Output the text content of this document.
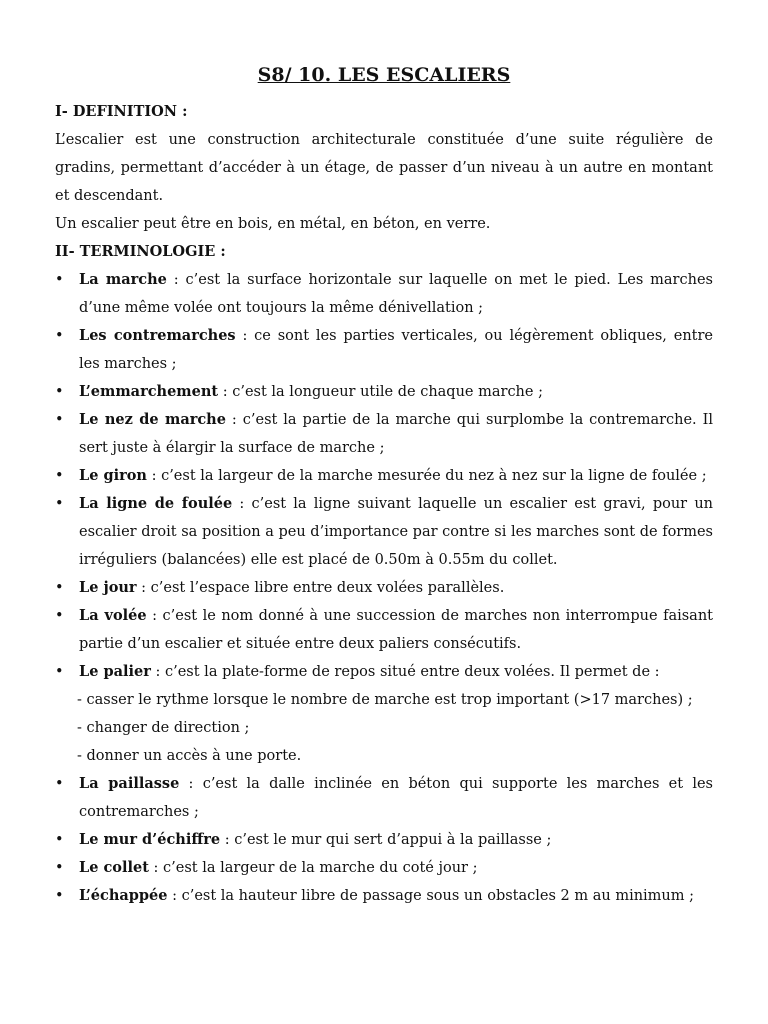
S8/ 10. LES ESCALIERS
I- DEFINITION :

L’escalier est une construction architecturale constituée d’une suite régulière de gradins, permettant d’accéder à un étage, de passer d’un niveau à un autre en montant et descendant.

Un escalier peut être en bois, en métal, en béton, en verre.

II- TERMINOLOGIE :
• La marche : c’est la surface horizontale sur laquelle on met le pied. Les marches d’une même volée ont toujours la même dénivellation ;
• Les contremarches : ce sont les parties verticales, ou légèrement obliques, entre les marches ;
• L’emmarchement : c’est la longueur utile de chaque marche ;
• Le nez de marche : c’est la partie de la marche qui surplombe la contremarche. Il sert juste à élargir la surface de marche ;
• Le giron : c’est la largeur de la marche mesurée du nez à nez sur la ligne de foulée ;
• La ligne de foulée : c’est la ligne suivant laquelle un escalier est gravi, pour un escalier droit sa position a peu d’importance par contre si les marches sont de formes irréguliers (balancées) elle est placé de 0.50m à 0.55m du collet.
• Le jour : c’est l’espace libre entre deux volées parallèles.
• La volée : c’est le nom donné à une succession de marches non interrompue faisant partie d’un escalier et située entre deux paliers consécutifs.
• Le palier : c’est la plate-forme de repos situé entre deux volées. Il permet de :
- casser le rythme lorsque le nombre de marche est trop important (>17 marches) ;
- changer de direction ;
- donner un accès à une porte.
• La paillasse : c’est la dalle inclinée en béton qui supporte les marches et les contremarches ;
• Le mur d’échiffre : c’est le mur qui sert d’appui à la paillasse ;
• Le collet : c’est la largeur de la marche du coté jour ;
• L’échappée : c’est la hauteur libre de passage sous un obstacles 2 m au minimum ;
